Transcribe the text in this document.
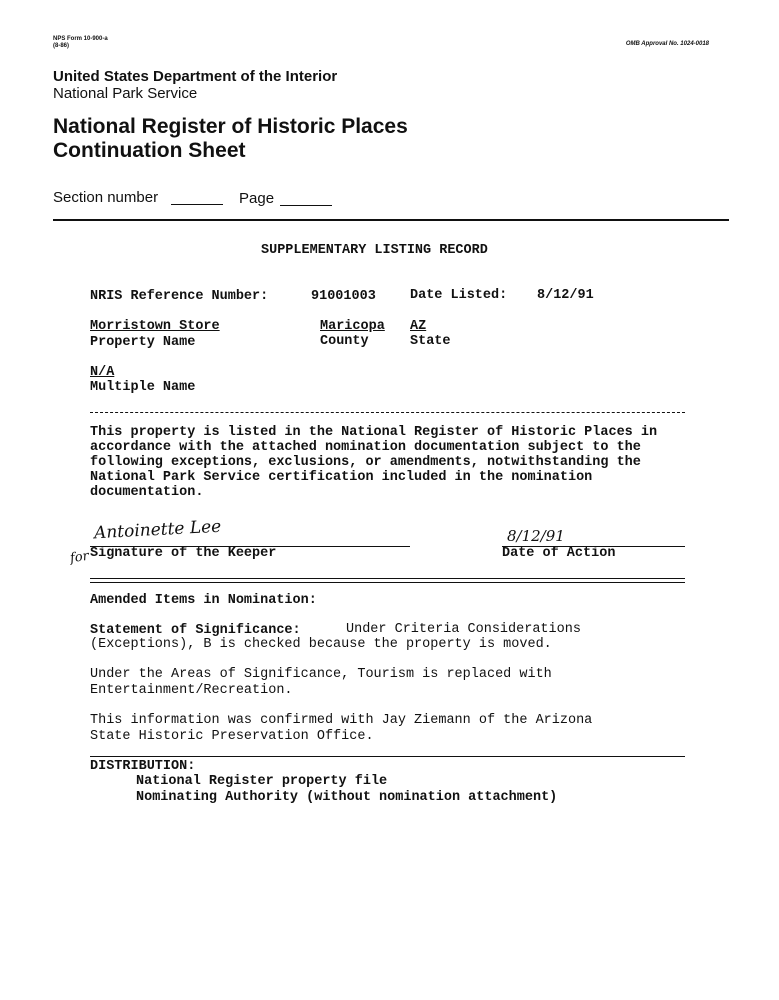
NPS Form 10-900-a
(8-86)	OMB Approval No. 1024-0018
United States Department of the Interior
National Park Service
National Register of Historic Places
Continuation Sheet
Section number	Page
SUPPLEMENTARY LISTING RECORD
NRIS Reference Number:	91001003	Date Listed: 8/12/91
Morristown Store	Maricopa AZ
Property Name	County	State
N/A
Multiple Name
This property is listed in the National Register of Historic Places in accordance with the attached nomination documentation subject to the following exceptions, exclusions, or amendments, notwithstanding the National Park Service certification included in the nomination documentation.
Antoinette Lee
for Signature of the Keeper
8/12/91
Date of Action
Amended Items in Nomination:
Statement of Significance:	Under Criteria Considerations
(Exceptions), B is checked because the property is moved.
Under the Areas of Significance, Tourism is replaced with
Entertainment/Recreation.
This information was confirmed with Jay Ziemann of the Arizona
State Historic Preservation Office.
DISTRIBUTION:
National Register property file
Nominating Authority (without nomination attachment)
